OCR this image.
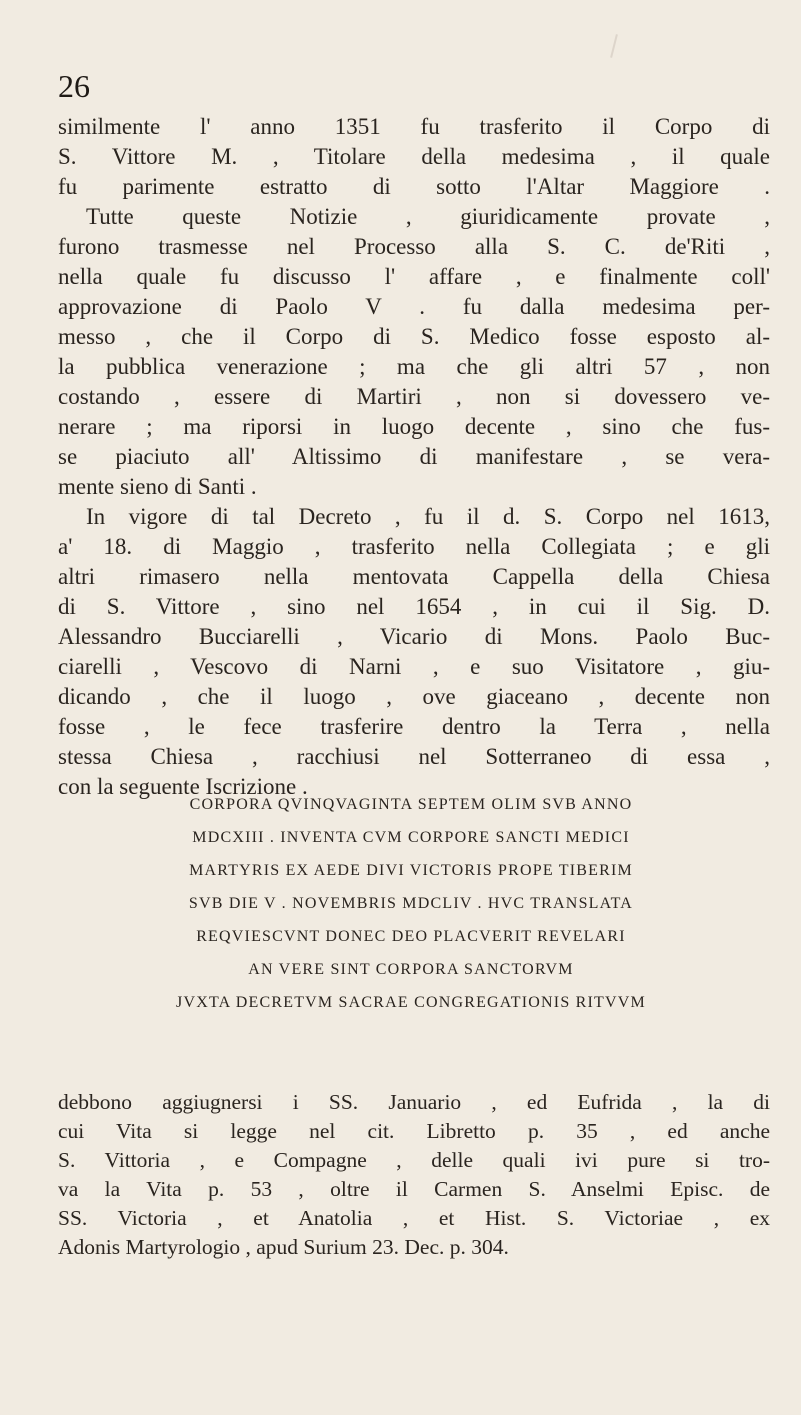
26
similmente l' anno 1351 fu trasferito il Corpo di
S. Vittore M. , Titolare della medesima , il quale
fu parimente estratto di sotto l'Altar Maggiore .
Tutte queste Notizie , giuridicamente provate ,
furono trasmesse nel Processo alla S. C. de'Riti ,
nella quale fu discusso l' affare , e finalmente coll'
approvazione di Paolo V . fu dalla medesima per-
messo , che il Corpo di S. Medico fosse esposto al-
la pubblica venerazione ; ma che gli altri 57 , non
costando , essere di Martiri , non si dovessero ve-
nerare ; ma riporsi in luogo decente , sino che fus-
se piaciuto all' Altissimo di manifestare , se vera-
mente sieno di Santi .
In vigore di tal Decreto , fu il d. S. Corpo nel 1613,
a' 18. di Maggio , trasferito nella Collegiata ; e gli
altri rimasero nella mentovata Cappella della Chiesa
di S. Vittore , sino nel 1654 , in cui il Sig. D.
Alessandro Bucciarelli , Vicario di Mons. Paolo Buc-
ciarelli , Vescovo di Narni , e suo Visitatore , giu-
dicando , che il luogo , ove giaceano , decente non
fosse , le fece trasferire dentro la Terra , nella
stessa Chiesa , racchiusi nel Sotterraneo di essa ,
con la seguente Iscrizione .
CORPORA QVINQVAGINTA SEPTEM OLIM SVB ANNO
MDCXIII . INVENTA CVM CORPORE SANCTI MEDICI
MARTYRIS EX AEDE DIVI VICTORIS PROPE TIBERIM
SVB DIE V . NOVEMBRIS MDCLIV . HVC TRANSLATA
REQVIESCVNT DONEC DEO PLACVERIT REVELARI
AN VERE SINT CORPORA SANCTORVM
JVXTA DECRETVM SACRAE CONGREGATIONIS RITVVM
debbono aggiugnersi i SS. Januario , ed Eufrida , la di
cui Vita si legge nel cit. Libretto p. 35 , ed anche
S. Vittoria , e Compagne , delle quali ivi pure si tro-
va la Vita p. 53 , oltre il Carmen S. Anselmi Episc. de
SS. Victoria , et Anatolia , et Hist. S. Victoriae , ex
Adonis Martyrologio , apud Surium 23. Dec. p. 304.
